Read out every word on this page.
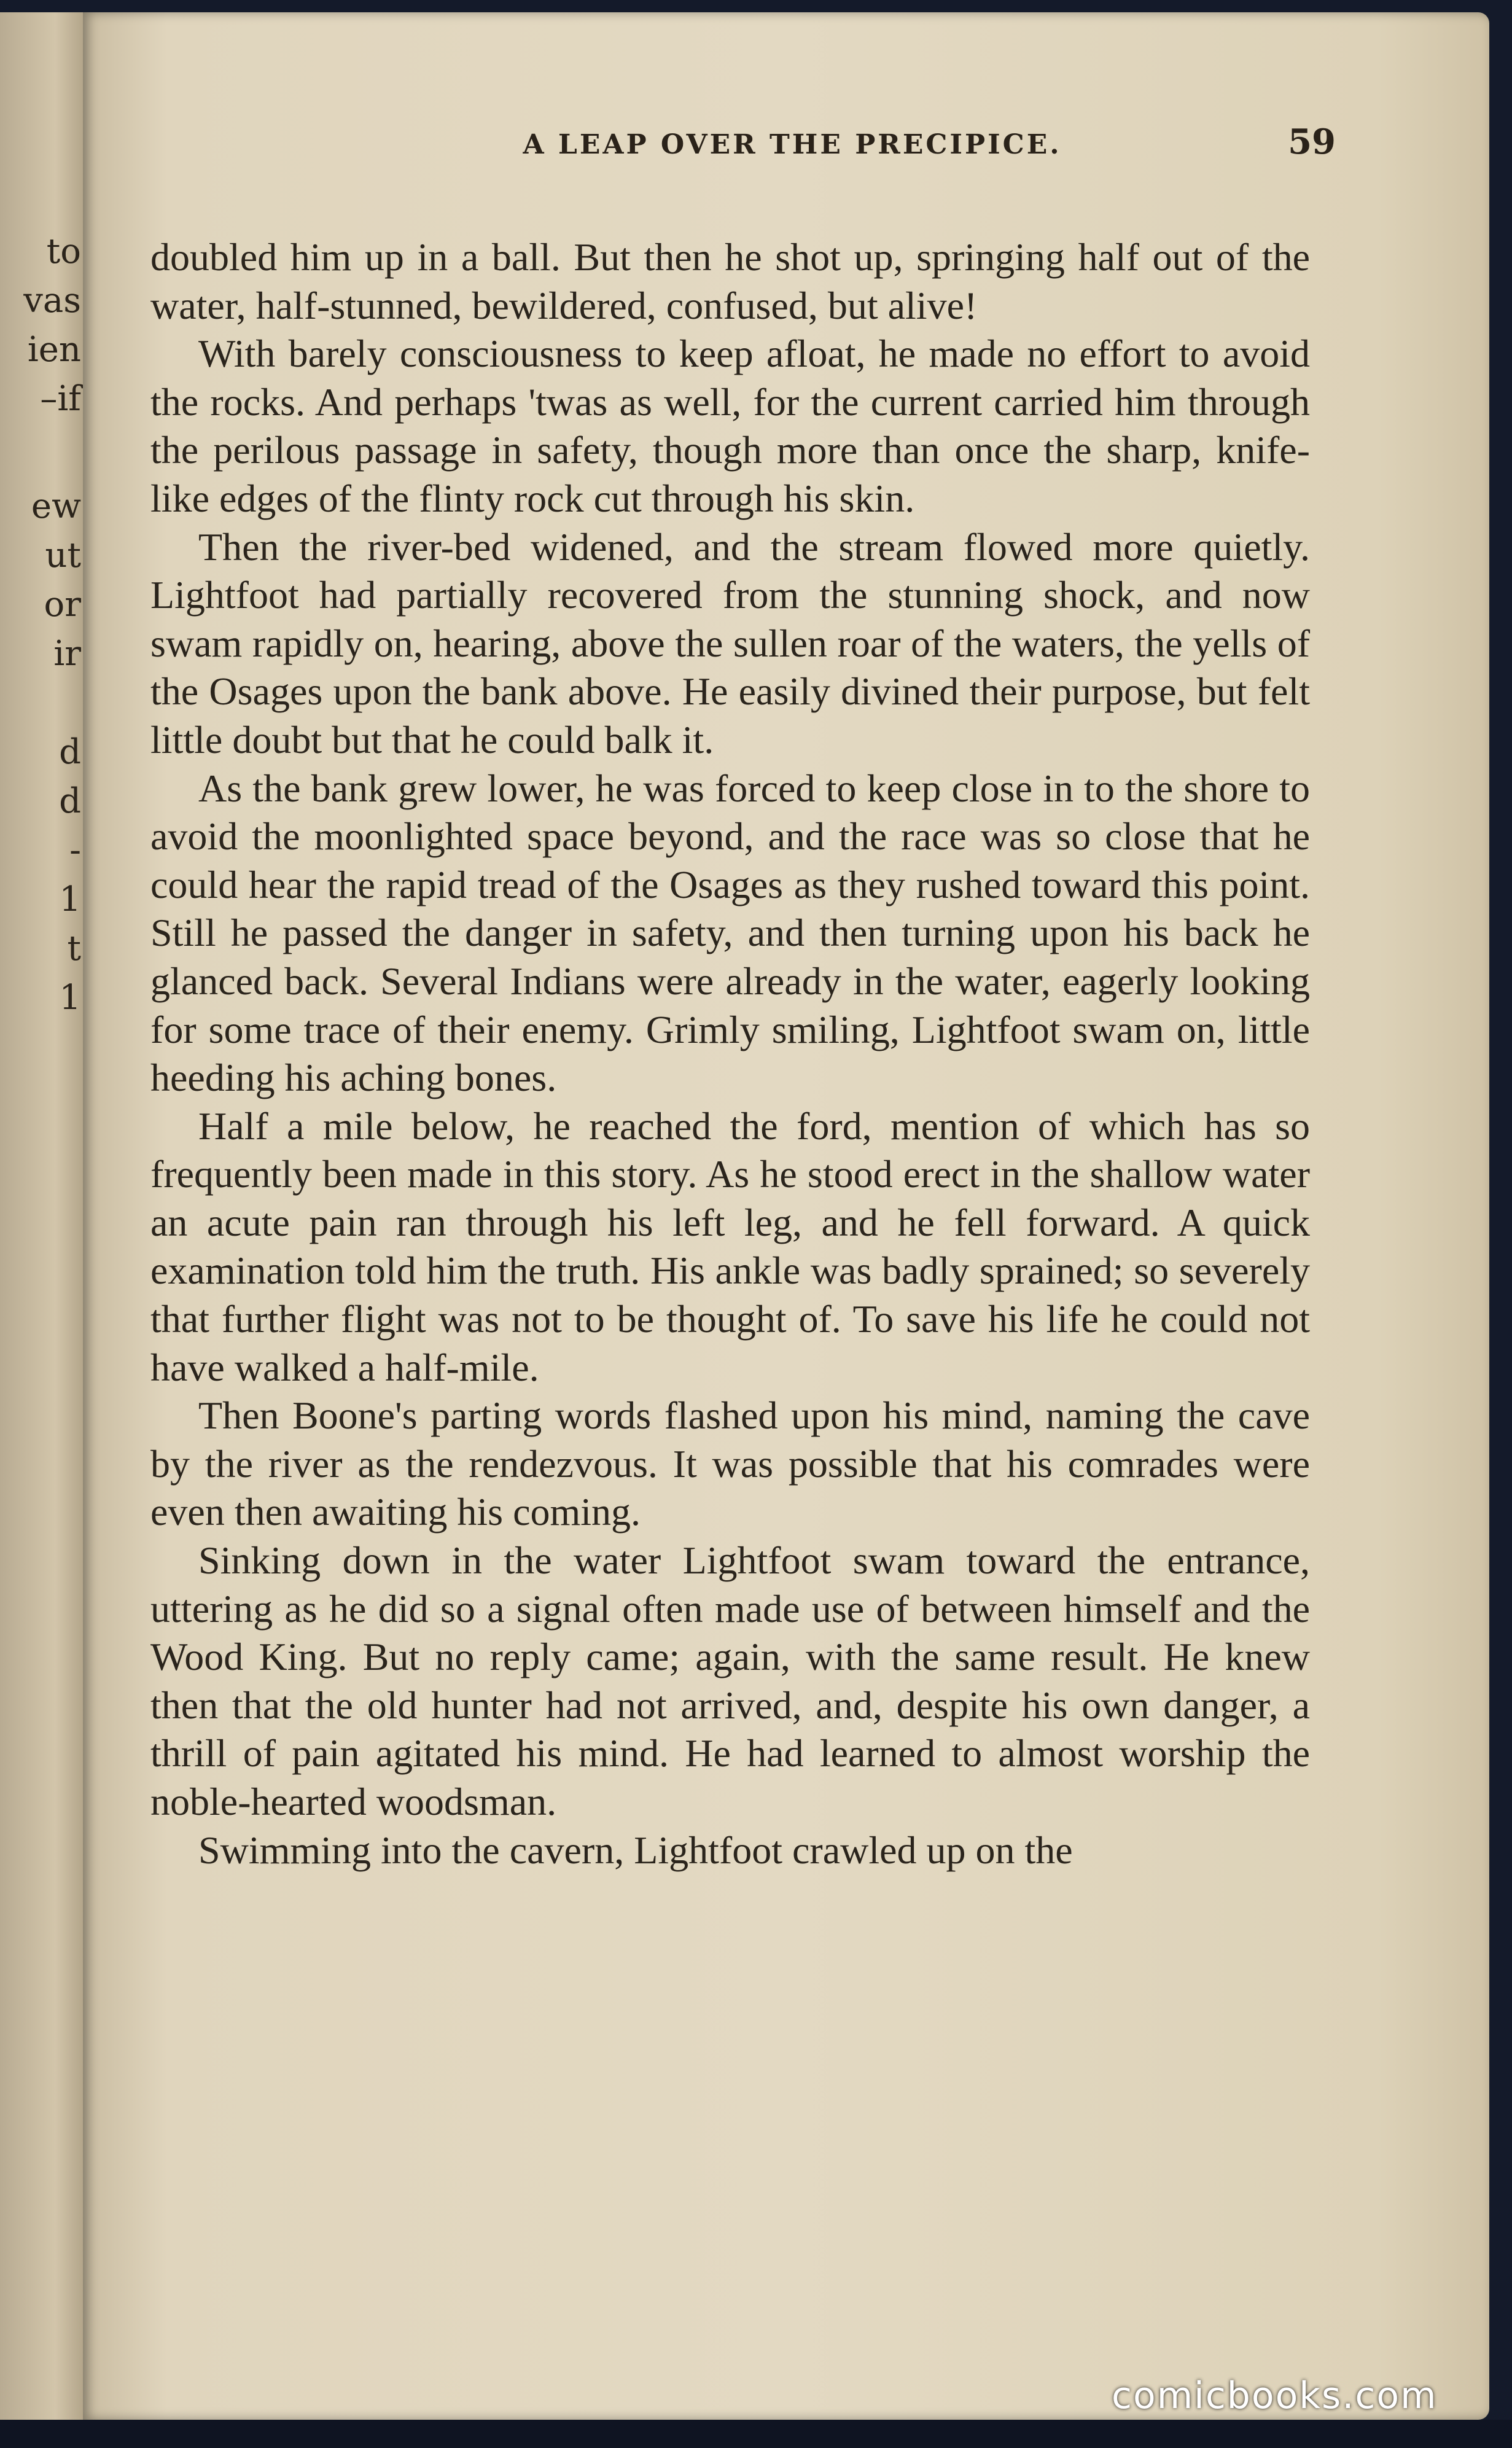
to
vas
ien
–if
ew
ut
or
ir
d
d
-
1
t
1
A LEAP OVER THE PRECIPICE.	59

doubled him up in a ball. But then he shot up, springing half out of the water, half-stunned, bewildered, confused, but alive!

With barely consciousness to keep afloat, he made no effort to avoid the rocks. And perhaps 'twas as well, for the current carried him through the perilous passage in safety, though more than once the sharp, knife-like edges of the flinty rock cut through his skin.

Then the river-bed widened, and the stream flowed more quietly. Lightfoot had partially recovered from the stunning shock, and now swam rapidly on, hearing, above the sullen roar of the waters, the yells of the Osages upon the bank above. He easily divined their purpose, but felt little doubt but that he could balk it.

As the bank grew lower, he was forced to keep close in to the shore to avoid the moonlighted space beyond, and the race was so close that he could hear the rapid tread of the Osages as they rushed toward this point. Still he passed the danger in safety, and then turning upon his back he glanced back. Several Indians were already in the water, eagerly looking for some trace of their enemy. Grimly smiling, Lightfoot swam on, little heeding his aching bones.

Half a mile below, he reached the ford, mention of which has so frequently been made in this story. As he stood erect in the shallow water an acute pain ran through his left leg, and he fell forward. A quick examination told him the truth. His ankle was badly sprained; so severely that further flight was not to be thought of. To save his life he could not have walked a half-mile.

Then Boone's parting words flashed upon his mind, naming the cave by the river as the rendezvous. It was possible that his comrades were even then awaiting his coming.

Sinking down in the water Lightfoot swam toward the entrance, uttering as he did so a signal often made use of between himself and the Wood King. But no reply came; again, with the same result. He knew then that the old hunter had not arrived, and, despite his own danger, a thrill of pain agitated his mind. He had learned to almost worship the noble-hearted woodsman.

Swimming into the cavern, Lightfoot crawled up on the

comicbooks.com
